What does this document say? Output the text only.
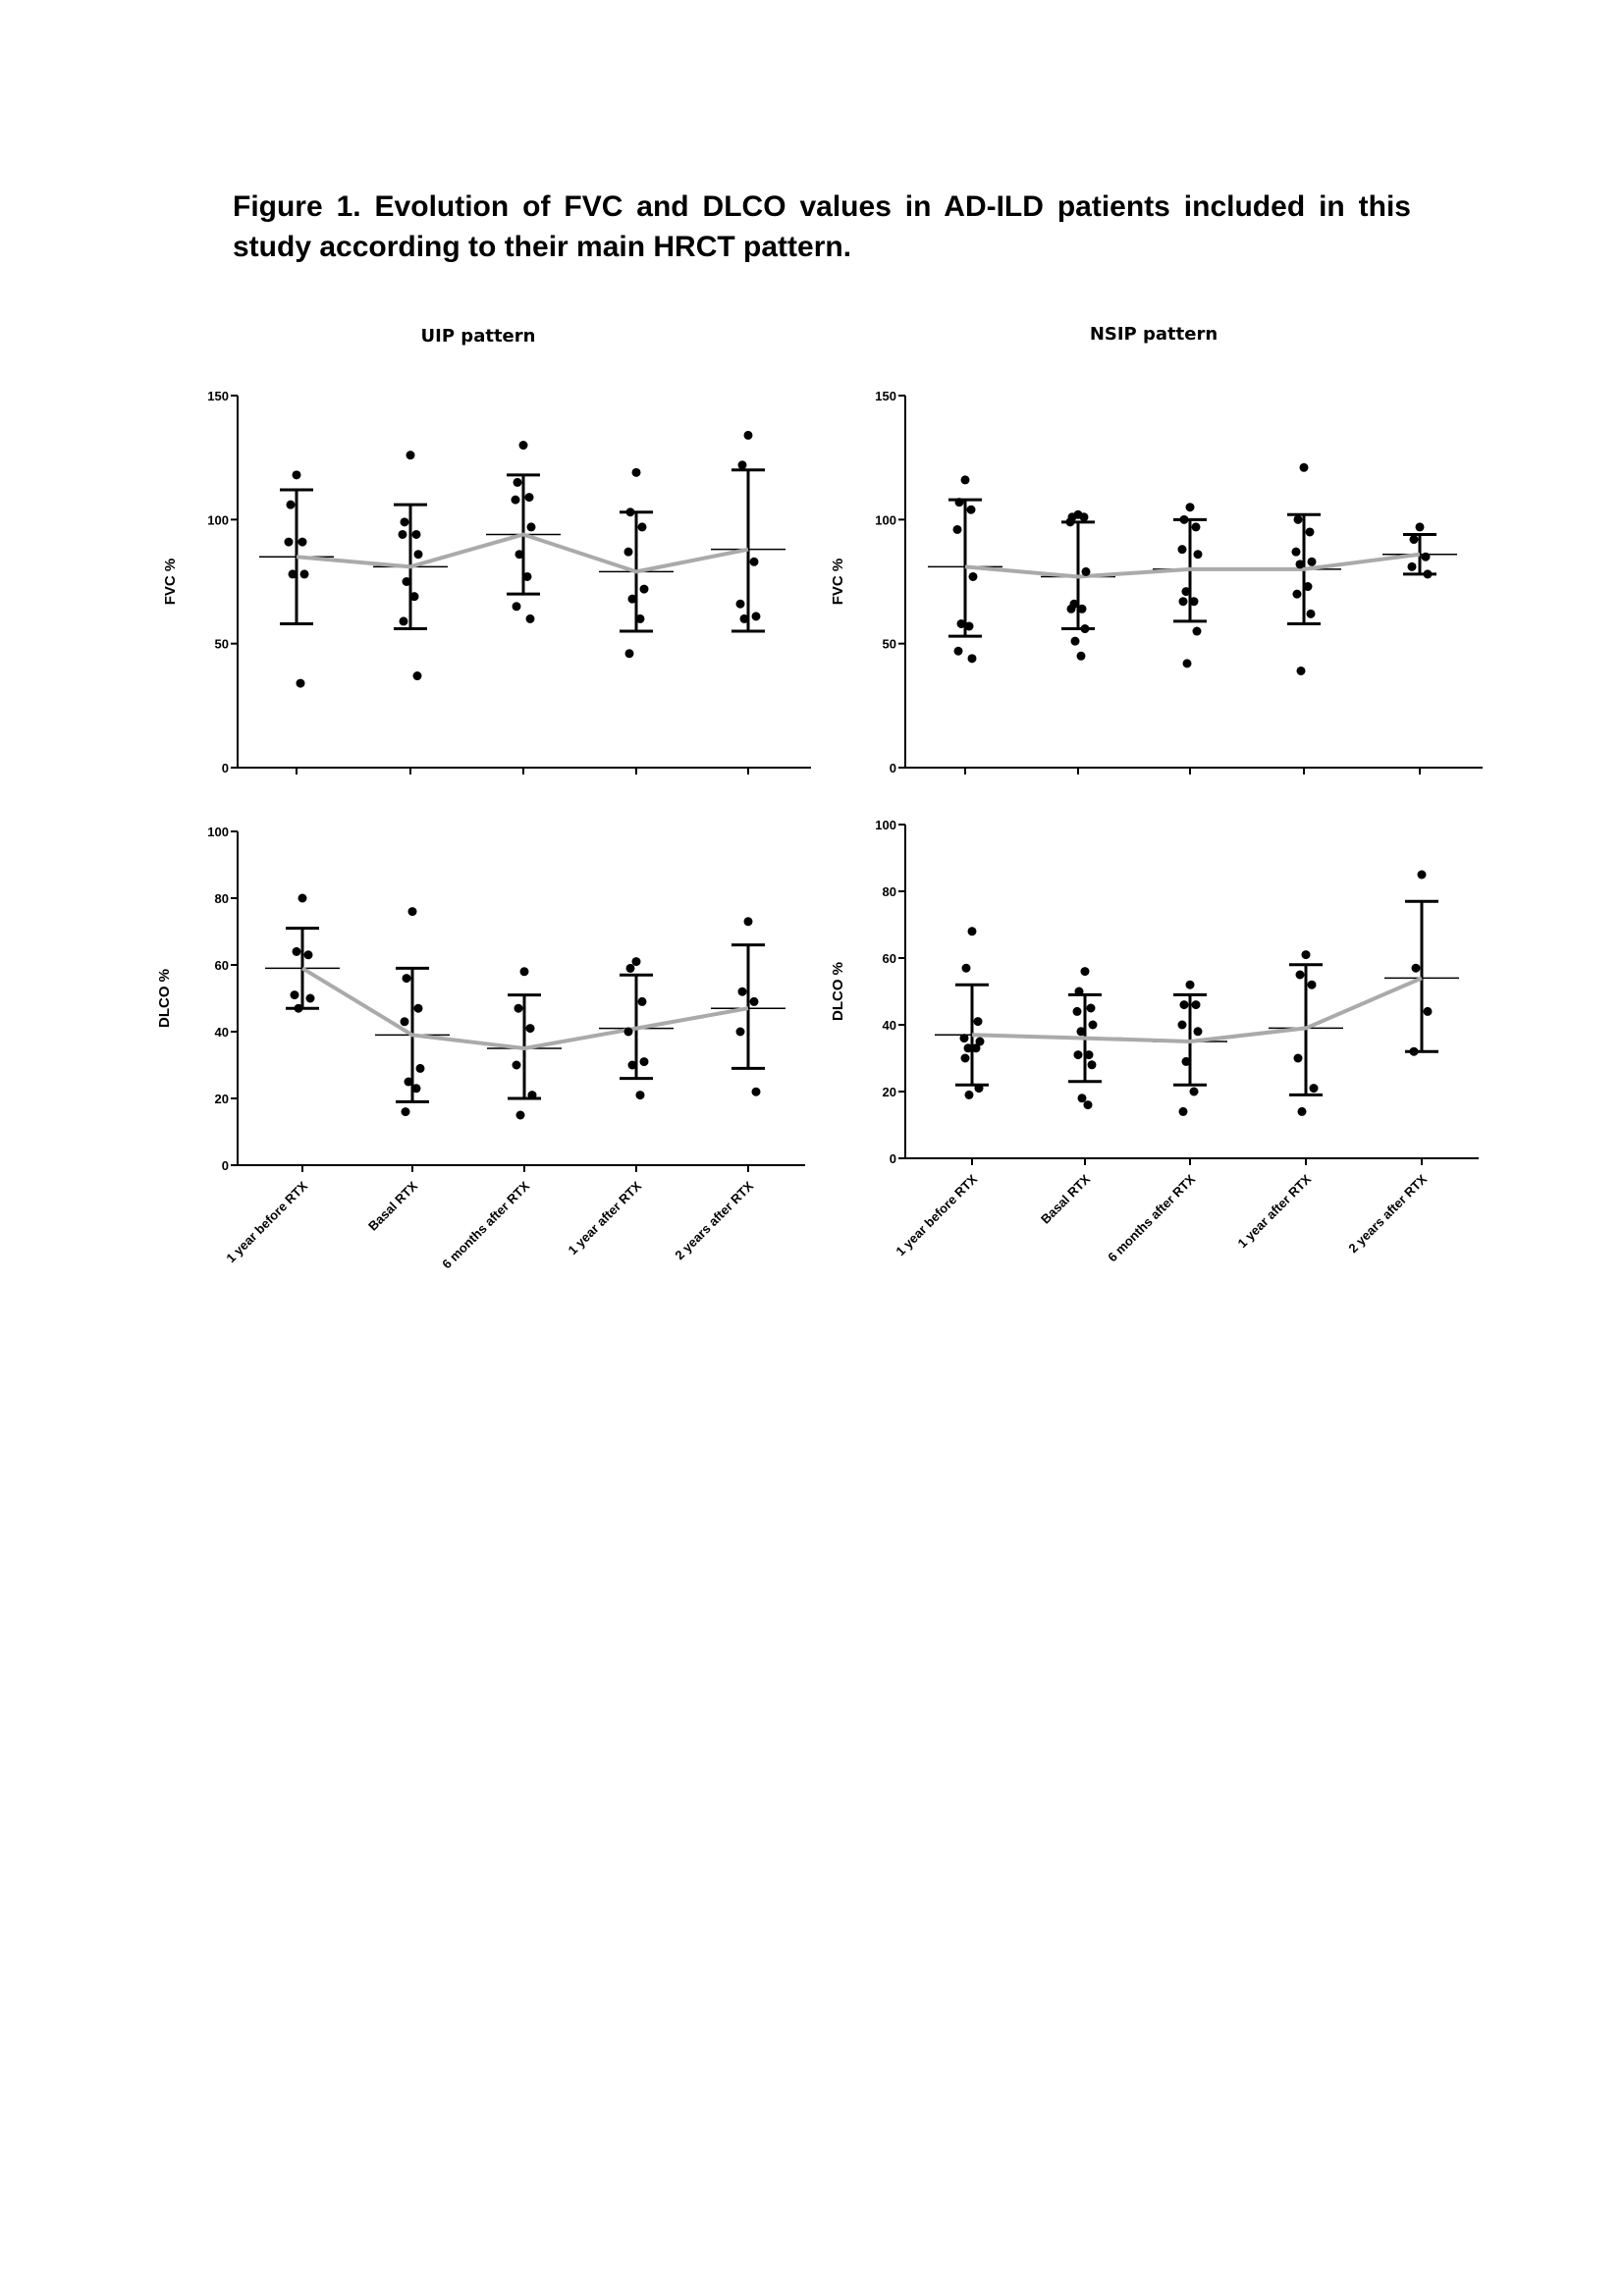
Figure 1. Evolution of FVC and DLCO values in AD-ILD patients included in this
study according to their main HRCT pattern.
UIP pattern	NSIP pattern
0
50
100
150
FVC %
0
50
100
150
FVC %
0
20
40
60
80
100
DLCO %
1 year before RTX	Basal RTX 6 months after RTX	1 year after RTX 2 years after RTX
0
20
40
60
80
100
DLCO %
1 year before RTX	Basal RTX 6 months after RTX	1 year after RTX 2 years after RTX
